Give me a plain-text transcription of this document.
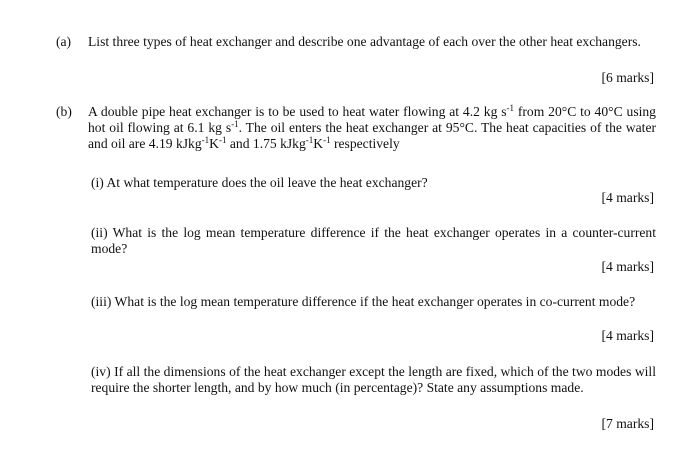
(a) List three types of heat exchanger and describe one advantage of each over the other heat exchangers.
[6 marks]
(b) A double pipe heat exchanger is to be used to heat water flowing at 4.2 kg $s^{-1}$ from 20°C to 40°C using hot oil flowing at 6.1 kg $s^{-1}$. The oil enters the heat exchanger at 95°C. The heat capacities of the water and oil are 4.19 $kJkg^{-1}K^{-1}$ and 1.75 $kJkg^{-1}K^{-1}$ respectively
(i) At what temperature does the oil leave the heat exchanger?
[4 marks]
(ii) What is the log mean temperature difference if the heat exchanger operates in a counter-current mode?
[4 marks]
(iii) What is the log mean temperature difference if the heat exchanger operates in co-current mode?
[4 marks]
(iv) If all the dimensions of the heat exchanger except the length are fixed, which of the two modes will require the shorter length, and by how much (in percentage)? State any assumptions made.
[7 marks]
